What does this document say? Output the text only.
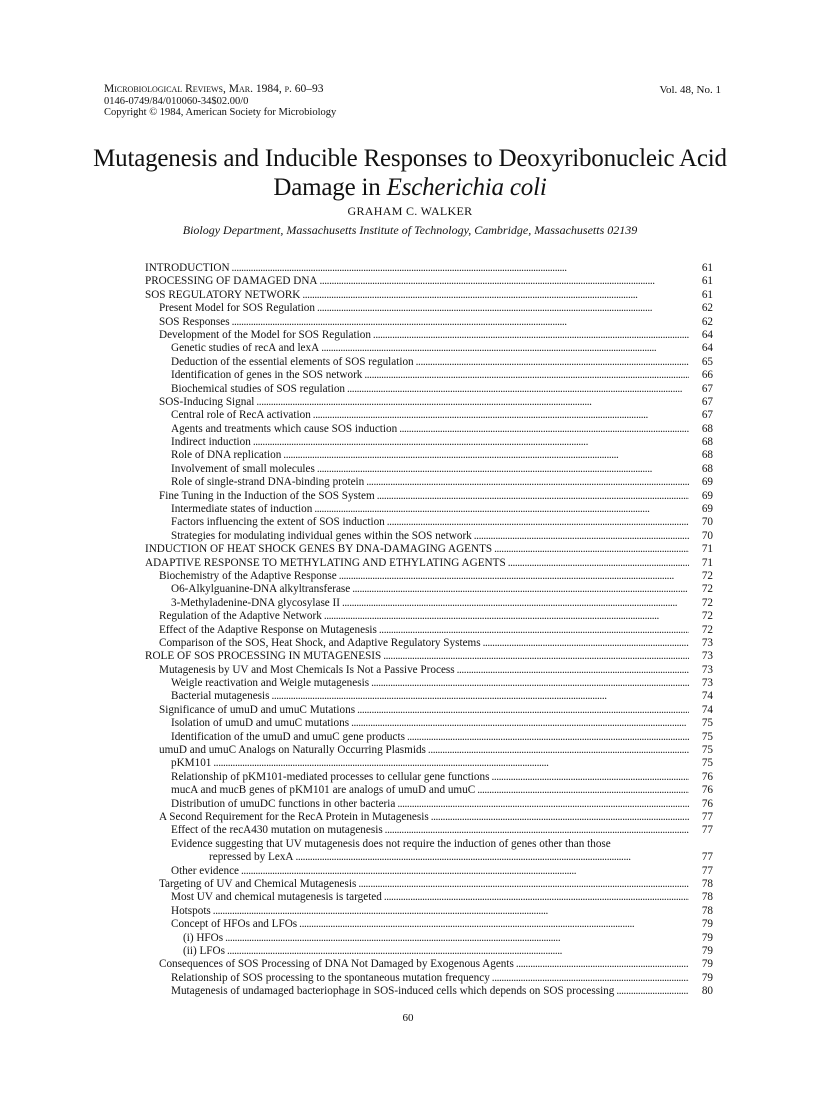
Microbiological Reviews, Mar. 1984, p. 60–93
0146-0749/84/010060-34$02.00/0
Copyright © 1984, American Society for Microbiology
Vol. 48, No. 1
Mutagenesis and Inducible Responses to Deoxyribonucleic Acid
Damage in Escherichia coli
GRAHAM C. WALKER
Biology Department, Massachusetts Institute of Technology, Cambridge, Massachusetts 02139
INTRODUCTION . . .	61
PROCESSING OF DAMAGED DNA . . .	61
SOS REGULATORY NETWORK . . .	61
Present Model for SOS Regulation . . .	62
SOS Responses . . .	62
Development of the Model for SOS Regulation . . .	64
Genetic studies of recA and lexA . . .	64
Deduction of the essential elements of SOS regulation . . .	65
Identification of genes in the SOS network . . .	66
Biochemical studies of SOS regulation . . .	67
SOS-Inducing Signal . . .	67
Central role of RecA activation . . .	67
Agents and treatments which cause SOS induction . . .	68
Indirect induction . . .	68
Role of DNA replication . . .	68
Involvement of small molecules . . .	68
Role of single-strand DNA-binding protein . . .	69
Fine Tuning in the Induction of the SOS System . . .	69
Intermediate states of induction . . .	69
Factors influencing the extent of SOS induction . . .	70
Strategies for modulating individual genes within the SOS network . . .	70
INDUCTION OF HEAT SHOCK GENES BY DNA-DAMAGING AGENTS . . .	71
ADAPTIVE RESPONSE TO METHYLATING AND ETHYLATING AGENTS . . .	71
Biochemistry of the Adaptive Response . . .	72
O6-Alkylguanine-DNA alkyltransferase . . .	72
3-Methyladenine-DNA glycosylase II . . .	72
Regulation of the Adaptive Network . . .	72
Effect of the Adaptive Response on Mutagenesis . . .	72
Comparison of the SOS, Heat Shock, and Adaptive Regulatory Systems . . .	73
ROLE OF SOS PROCESSING IN MUTAGENESIS . . .	73
Mutagenesis by UV and Most Chemicals Is Not a Passive Process . . .	73
Weigle reactivation and Weigle mutagenesis . . .	73
Bacterial mutagenesis . . .	74
Significance of umuD and umuC Mutations . . .	74
Isolation of umuD and umuC mutations . . .	75
Identification of the umuD and umuC gene products . . .	75
umuD and umuC Analogs on Naturally Occurring Plasmids . . .	75
pKM101 . . .	75
Relationship of pKM101-mediated processes to cellular gene functions . . .	76
mucA and mucB genes of pKM101 are analogs of umuD and umuC . . .	76
Distribution of umuDC functions in other bacteria . . .	76
A Second Requirement for the RecA Protein in Mutagenesis . . .	77
Effect of the recA430 mutation on mutagenesis . . .	77
Evidence suggesting that UV mutagenesis does not require the induction of genes other than those
repressed by LexA . . .	77
Other evidence . . .	77
Targeting of UV and Chemical Mutagenesis . . .	78
Most UV and chemical mutagenesis is targeted . . .	78
Hotspots . . .	78
Concept of HFOs and LFOs . . .	79
(i) HFOs . . .	79
(ii) LFOs . . .	79
Consequences of SOS Processing of DNA Not Damaged by Exogenous Agents . . .	79
Relationship of SOS processing to the spontaneous mutation frequency . . .	79
Mutagenesis of undamaged bacteriophage in SOS-induced cells which depends on SOS processing . . .	80
60
